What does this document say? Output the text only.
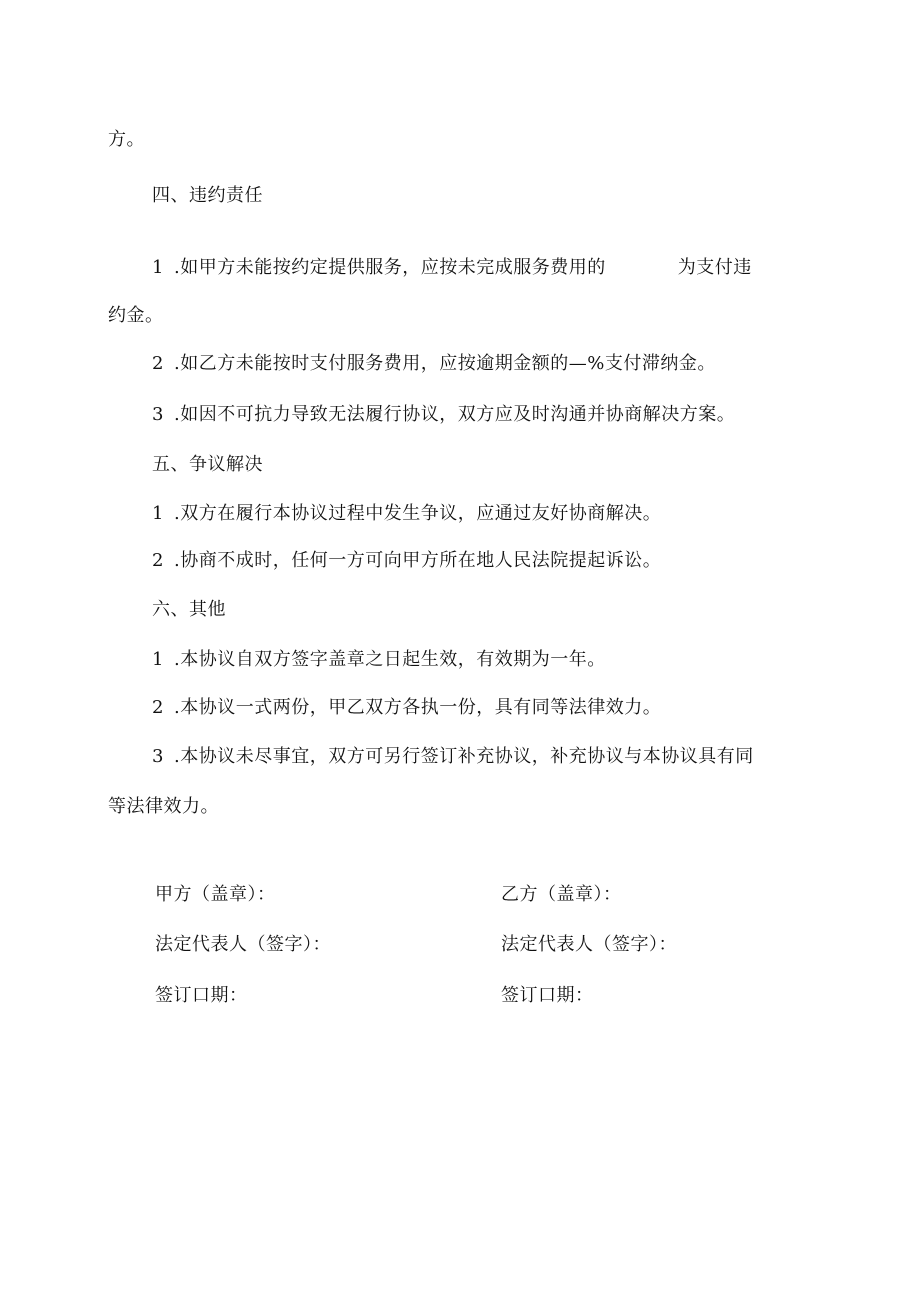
方。
四、违约责任
1 .如甲方未能按约定提供服务，应按未完成服务费用的	为支付违
约金。
2 .如乙方未能按时支付服务费用，应按逾期金额的—%支付滞纳金。
3 .如因不可抗力导致无法履行协议，双方应及时沟通并协商解决方案。
五、争议解决
1 .双方在履行本协议过程中发生争议，应通过友好协商解决。
2 .协商不成时，任何一方可向甲方所在地人民法院提起诉讼。
六、其他
1 .本协议自双方签字盖章之日起生效，有效期为一年。
2 .本协议一式两份，甲乙双方各执一份，具有同等法律效力。
3 .本协议未尽事宜，双方可另行签订补充协议，补充协议与本协议具有同
等法律效力。
甲方（盖章）：	乙方（盖章）：
法定代表人（签字）：	法定代表人（签字）：
签订口期：	签订口期：
